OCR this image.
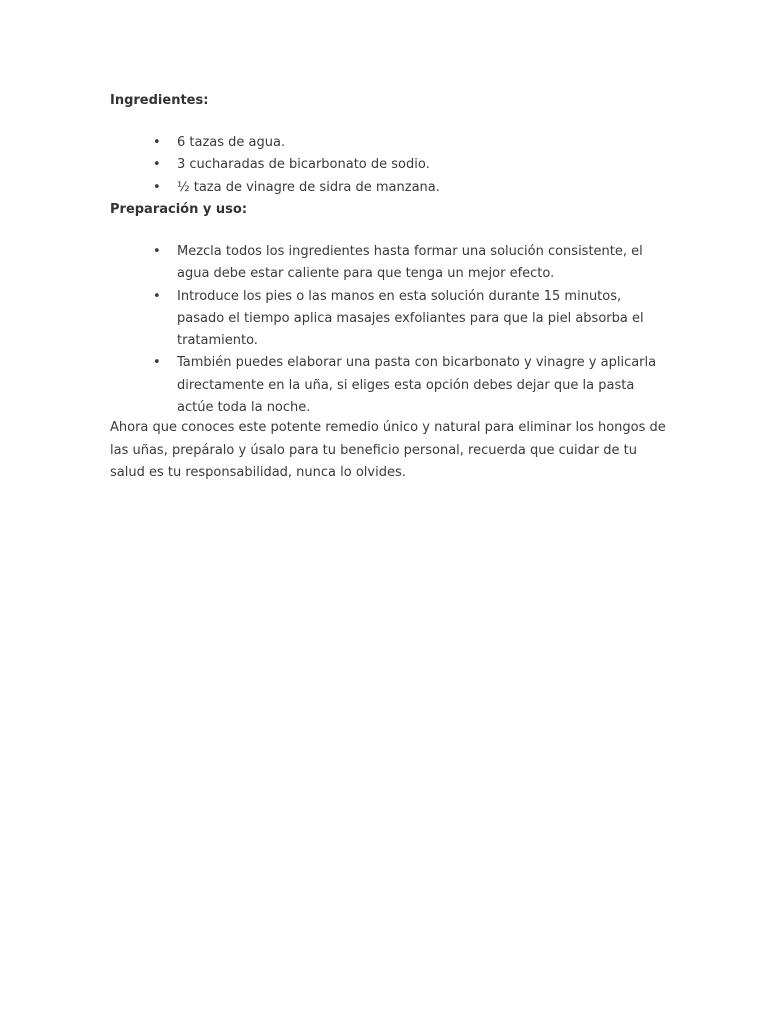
Ingredientes:
• 6 tazas de agua.
• 3 cucharadas de bicarbonato de sodio.
• ½ taza de vinagre de sidra de manzana.
Preparación y uso:
• Mezcla todos los ingredientes hasta formar una solución consistente, el agua debe estar caliente para que tenga un mejor efecto.
• Introduce los pies o las manos en esta solución durante 15 minutos, pasado el tiempo aplica masajes exfoliantes para que la piel absorba el tratamiento.
• También puedes elaborar una pasta con bicarbonato y vinagre y aplicarla directamente en la uña, si eliges esta opción debes dejar que la pasta actúe toda la noche.

Ahora que conoces este potente remedio único y natural para eliminar los hongos de las uñas, prepáralo y úsalo para tu beneficio personal, recuerda que cuidar de tu salud es tu responsabilidad, nunca lo olvides.
